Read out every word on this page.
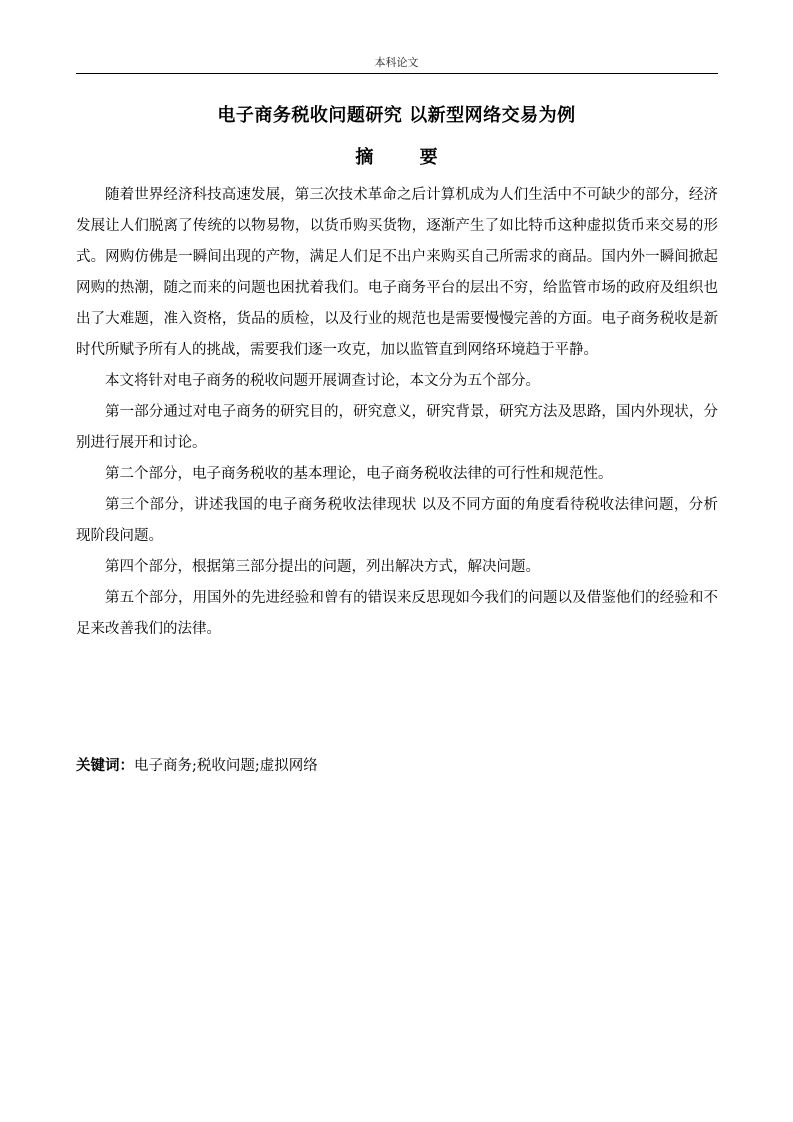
本科论文
电子商务税收问题研究 以新型网络交易为例
摘 要

随着世界经济科技高速发展，第三次技术革命之后计算机成为人们生活中不可缺少的部分，经济发展让人们脱离了传统的以物易物，以货币购买货物，逐渐产生了如比特币这种虚拟货币来交易的形式。网购仿佛是一瞬间出现的产物，满足人们足不出户来购买自己所需求的商品。国内外一瞬间掀起网购的热潮，随之而来的问题也困扰着我们。电子商务平台的层出不穷，给监管市场的政府及组织也出了大难题，准入资格，货品的质检，以及行业的规范也是需要慢慢完善的方面。电子商务税收是新时代所赋予所有人的挑战，需要我们逐一攻克，加以监管直到网络环境趋于平静。

本文将针对电子商务的税收问题开展调查讨论，本文分为五个部分。

第一部分通过对电子商务的研究目的，研究意义，研究背景，研究方法及思路，国内外现状，分别进行展开和讨论。

第二个部分，电子商务税收的基本理论，电子商务税收法律的可行性和规范性。

第三个部分，讲述我国的电子商务税收法律现状 以及不同方面的角度看待税收法律问题，分析现阶段问题。

第四个部分，根据第三部分提出的问题，列出解决方式，解决问题。

第五个部分，用国外的先进经验和曾有的错误来反思现如今我们的问题以及借鉴他们的经验和不足来改善我们的法律。

关键词：电子商务;税收问题;虚拟网络
